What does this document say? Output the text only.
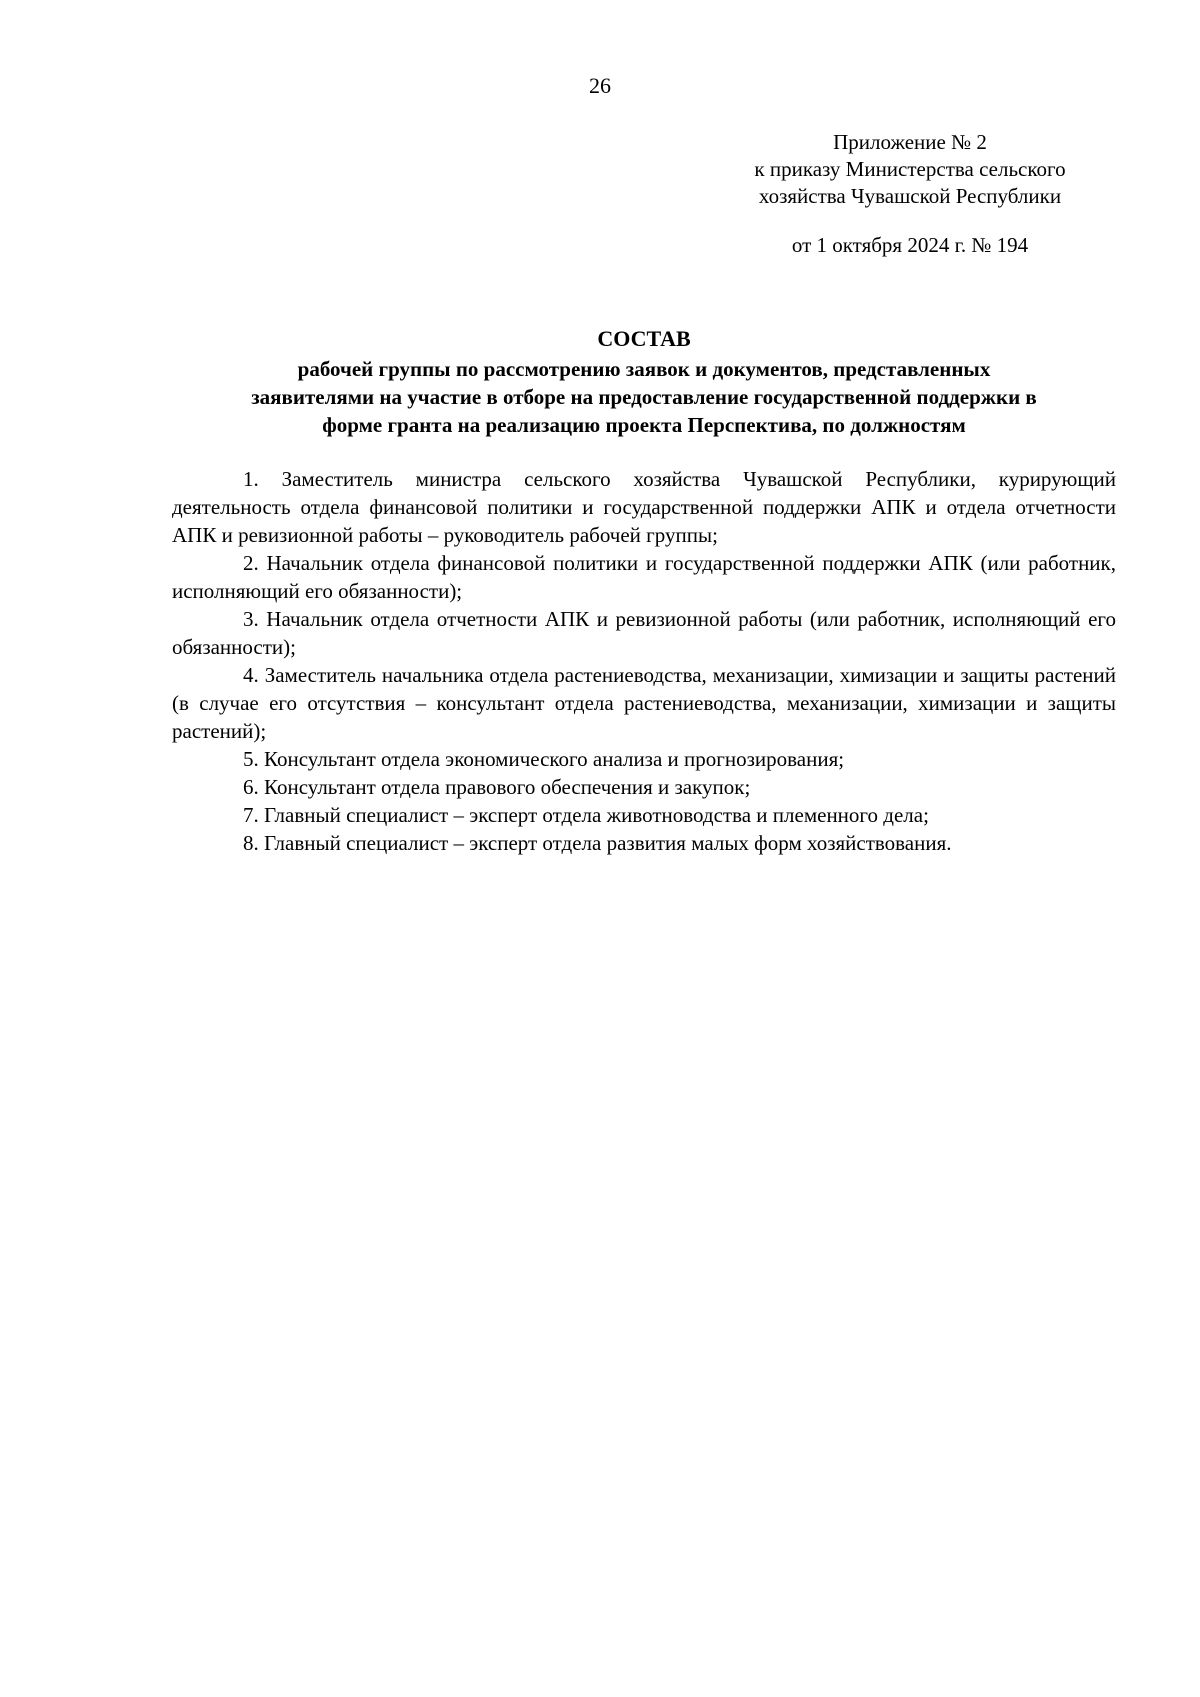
26
Приложение № 2
к приказу Министерства сельского
хозяйства Чувашской Республики
от 1 октября 2024 г. № 194
СОСТАВ
рабочей группы по рассмотрению заявок и документов, представленных
заявителями на участие в отборе на предоставление государственной поддержки в
форме гранта на реализацию проекта Перспектива, по должностям

1. Заместитель министра сельского хозяйства Чувашской Республики, курирующий деятельность отдела финансовой политики и государственной поддержки АПК и отдела отчетности АПК и ревизионной работы – руководитель рабочей группы;

2. Начальник отдела финансовой политики и государственной поддержки АПК (или работник, исполняющий его обязанности);

3. Начальник отдела отчетности АПК и ревизионной работы (или работник, исполняющий его обязанности);

4. Заместитель начальника отдела растениеводства, механизации, химизации и защиты растений (в случае его отсутствия – консультант отдела растениеводства, механизации, химизации и защиты растений);

5. Консультант отдела экономического анализа и прогнозирования;

6. Консультант отдела правового обеспечения и закупок;

7. Главный специалист – эксперт отдела животноводства и племенного дела;

8. Главный специалист – эксперт отдела развития малых форм хозяйствования.
